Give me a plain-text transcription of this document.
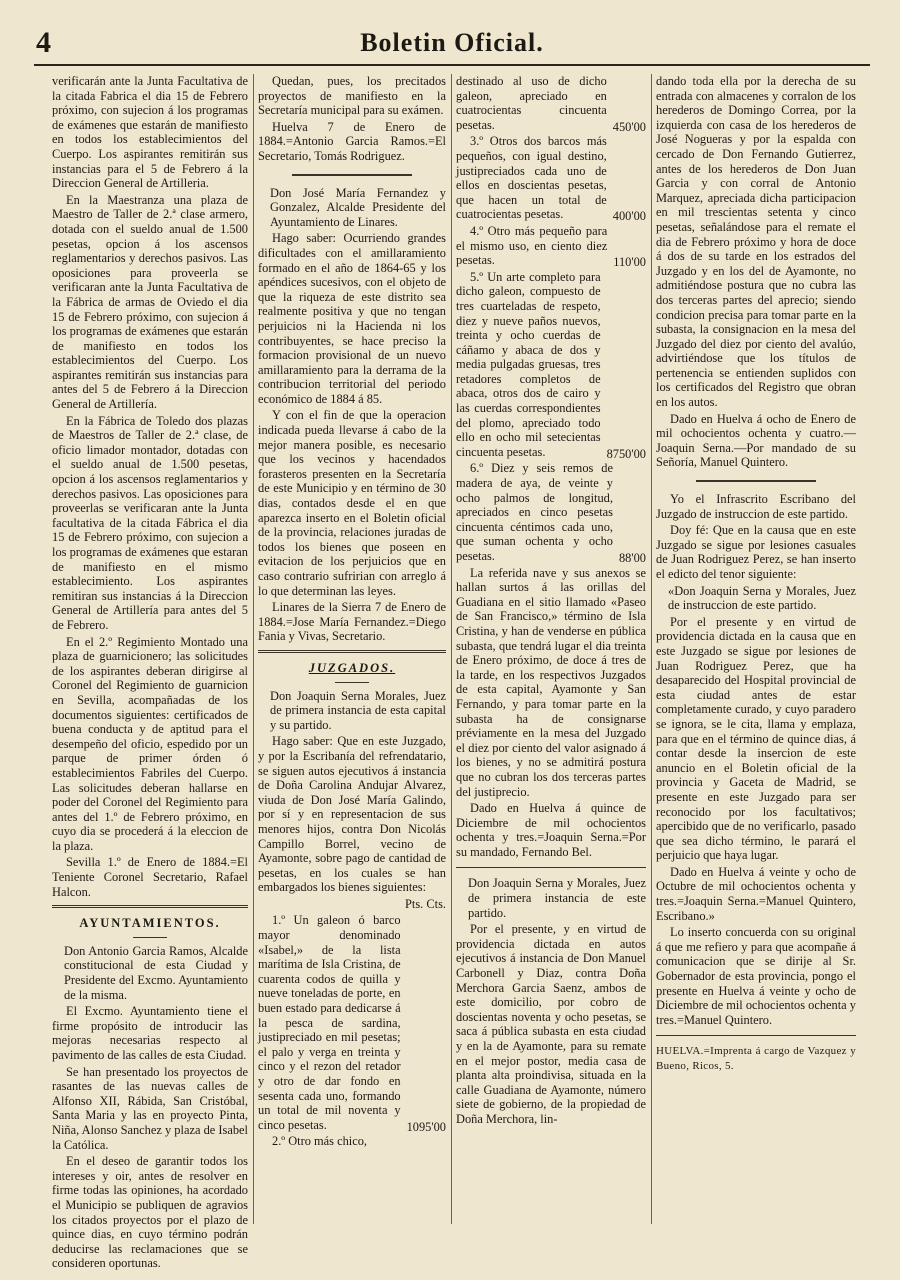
4	Boletin Oficial.

verificarán ante la Junta Facultativa de la citada Fabrica el dia 15 de Febrero próximo, con sujecion á los programas de exámenes que estarán de manifiesto en todos los establecimientos del Cuerpo. Los aspirantes remitirán sus instancias para el 5 de Febrero á la Direccion General de Artilleria.

En la Maestranza una plaza de Maestro de Taller de 2.ª clase armero, dotada con el sueldo anual de 1.500 pesetas, opcion á los ascensos reglamentarios y derechos pasivos. Las oposiciones para proveerla se verificaran ante la Junta Facultativa de la Fábrica de armas de Oviedo el dia 15 de Febrero próximo, con sujecion á los programas de exámenes que estarán de manifiesto en todos los establecimientos del Cuerpo. Los aspirantes remitirán sus instancias para antes del 5 de Febrero á la Direccion General de Artillería.

En la Fábrica de Toledo dos plazas de Maestros de Taller de 2.ª clase, de oficio limador montador, dotadas con el sueldo anual de 1.500 pesetas, opcion á los ascensos reglamentarios y derechos pasivos. Las oposiciones para proveerlas se verificaran ante la Junta facultativa de la citada Fábrica el dia 15 de Febrero próximo, con sujecion a los programas de exámenes que estaran de manifiesto en el mismo establecimiento. Los aspirantes remitiran sus instancias á la Direccion General de Artillería para antes del 5 de Febrero.

En el 2.º Regimiento Montado una plaza de guarnicionero; las solicitudes de los aspirantes deberan dirigirse al Coronel del Regimiento de guarnicion en Sevilla, acompañadas de los documentos siguientes: certificados de buena conducta y de aptitud para el desempeño del oficio, espedido por un parque de primer órden ó establecimientos Fabriles del Cuerpo. Las solicitudes deberan hallarse en poder del Coronel del Regimiento para antes del 1.º de Febrero próximo, en cuyo dia se procederá á la eleccion de la plaza.

Sevilla 1.º de Enero de 1884.=El Teniente Coronel Secretario, Rafael Halcon.

AYUNTAMIENTOS.

Don Antonio Garcia Ramos, Alcalde constitucional de esta Ciudad y Presidente del Excmo. Ayuntamiento de la misma.

El Excmo. Ayuntamiento tiene el firme propósito de introducir las mejoras necesarias respecto al pavimento de las calles de esta Ciudad.

Se han presentado los proyectos de rasantes de las nuevas calles de Alfonso XII, Rábida, San Cristóbal, Santa Maria y las en proyecto Pinta, Niña, Alonso Sanchez y plaza de Isabel la Católica.

En el deseo de garantir todos los intereses y oir, antes de resolver en firme todas las opiniones, ha acordado el Municipio se publiquen de agravios los citados proyectos por el plazo de quince dias, en cuyo término podrán deducirse las reclamaciones que se consideren oportunas.

Quedan, pues, los precitados proyectos de manifiesto en la Secretaría municipal para su exámen.

Huelva 7 de Enero de 1884.=Antonio Garcia Ramos.=El Secretario, Tomás Rodriguez.

Don José María Fernandez y Gonzalez, Alcalde Presidente del Ayuntamiento de Linares.

Hago saber: Ocurriendo grandes dificultades con el amillaramiento formado en el año de 1864-65 y los apéndices sucesivos, con el objeto de que la riqueza de este distrito sea realmente positiva y que no tengan perjuicios ni la Hacienda ni los contribuyentes, se hace preciso la formacion provisional de un nuevo amillaramiento para la derrama de la contribucion territorial del periodo económico de 1884 á 85.

Y con el fin de que la operacion indicada pueda llevarse á cabo de la mejor manera posible, es necesario que los vecinos y hacendados forasteros presenten en la Secretaría de este Municipio y en término de 30 dias, contados desde el en que aparezca inserto en el Boletin oficial de la provincia, relaciones juradas de todos los bienes que poseen en evitacion de los perjuicios que en caso contrario sufririan con arreglo á lo que determinan las leyes.

Linares de la Sierra 7 de Enero de 1884.=Jose María Fernandez.=Diego Fania y Vivas, Secretario.

JUZGADOS.

Don Joaquin Serna Morales, Juez de primera instancia de esta capital y su partido.

Hago saber: Que en este Juzgado, y por la Escribanía del refrendatario, se siguen autos ejecutivos á instancia de Doña Carolina Andujar Alvarez, viuda de Don José María Galindo, por sí y en representacion de sus menores hijos, contra Don Nicolás Campillo Borrel, vecino de Ayamonte, sobre pago de cantidad de pesetas, en los cuales se han embargados los bienes siguientes:

Pts. Cts.

1.º Un galeon ó barco mayor denominado «Isabel,» de la lista marítima de Isla Cristina, de cuarenta codos de quilla y nueve toneladas de porte, en buen estado para dedicarse á la pesca de sardina, justipreciado en mil pesetas; el palo y verga en treinta y cinco y el rezon del retador y otro de dar fondo en sesenta cada uno, formando un total de mil noventa y cinco pesetas.	1095'00

2.º Otro más chico,

destinado al uso de dicho galeon, apreciado en cuatrocientas cincuenta pesetas.	450'00

3.º Otros dos barcos más pequeños, con igual destino, justipreciados cada uno de ellos en doscientas pesetas, que hacen un total de cuatrocientas pesetas.	400'00

4.º Otro más pequeño para el mismo uso, en ciento diez pesetas.	110'00

5.º Un arte completo para dicho galeon, compuesto de tres cuarteladas de respeto, diez y nueve paños nuevos, treinta y ocho cuerdas de cáñamo y abaca de dos y media pulgadas gruesas, tres retadores completos de abaca, otros dos de cairo y las cuerdas correspondientes del plomo, apreciado todo ello en ocho mil setecientas cincuenta pesetas.	8750'00

6.º Diez y seis remos de madera de aya, de veinte y ocho palmos de longitud, apreciados en cinco pesetas cincuenta céntimos cada uno, que suman ochenta y ocho pesetas.	88'00

La referida nave y sus anexos se hallan surtos á las orillas del Guadiana en el sitio llamado «Paseo de San Francisco,» término de Isla Cristina, y han de venderse en pública subasta, que tendrá lugar el dia treinta de Enero próximo, de doce á tres de la tarde, en los respectivos Juzgados de esta capital, Ayamonte y San Fernando, y para tomar parte en la subasta ha de consignarse préviamente en la mesa del Juzgado el diez por ciento del valor asignado á los bienes, y no se admitirá postura que no cubran los dos terceras partes del justiprecio.

Dado en Huelva á quince de Diciembre de mil ochocientos ochenta y tres.=Joaquin Serna.=Por su mandado, Fernando Bel.

Don Joaquin Serna y Morales, Juez de primera instancia de este partido.

Por el presente, y en virtud de providencia dictada en autos ejecutivos á instancia de Don Manuel Carbonell y Diaz, contra Doña Merchora Garcia Saenz, ambos de este domicilio, por cobro de doscientas noventa y ocho pesetas, se saca á pública subasta en esta ciudad y en la de Ayamonte, para su remate en el mejor postor, media casa de planta alta proindivisa, situada en la calle Guadiana de Ayamonte, número siete de gobierno, de la propiedad de Doña Merchora, lin-

dando toda ella por la derecha de su entrada con almacenes y corralon de los herederos de Domingo Correa, por la izquierda con casa de los herederos de José Nogueras y por la espalda con cercado de Don Fernando Gutierrez, antes de los herederos de Don Juan Garcia y con corral de Antonio Marquez, apreciada dicha participacion en mil trescientas setenta y cinco pesetas, señalándose para el remate el dia de Febrero próximo y hora de doce á dos de su tarde en los estrados del Juzgado y en los del de Ayamonte, no admitiéndose postura que no cubra las dos terceras partes del aprecio; siendo condicion precisa para tomar parte en la subasta, la consignacion en la mesa del Juzgado del diez por ciento del avalúo, advirtiéndose que los títulos de pertenencia se entienden suplidos con los certificados del Registro que obran en los autos.

Dado en Huelva á ocho de Enero de mil ochocientos ochenta y cuatro.—Joaquin Serna.—Por mandado de su Señoría, Manuel Quintero.

Yo el Infrascrito Escribano del Juzgado de instruccion de este partido.

Doy fé: Que en la causa que en este Juzgado se sigue por lesiones casuales de Juan Rodriguez Perez, se han inserto el edicto del tenor siguiente:

«Don Joaquin Serna y Morales, Juez de instruccion de este partido.

Por el presente y en virtud de providencia dictada en la causa que en este Juzgado se sigue por lesiones de Juan Rodriguez Perez, que ha desaparecido del Hospital provincial de esta ciudad antes de estar completamente curado, y cuyo paradero se ignora, se le cita, llama y emplaza, para que en el término de quince dias, á contar desde la insercion de este anuncio en el Boletin oficial de la provincia y Gaceta de Madrid, se presente en este Juzgado para ser reconocido por los facultativos; apercibido que de no verificarlo, pasado que sea dicho término, le parará el perjuicio que haya lugar.

Dado en Huelva á veinte y ocho de Octubre de mil ochocientos ochenta y tres.=Joaquin Serna.=Manuel Quintero, Escribano.»

Lo inserto concuerda con su original á que me refiero y para que acompañe á comunicacion que se dirije al Sr. Gobernador de esta provincia, pongo el presente en Huelva á veinte y ocho de Diciembre de mil ochocientos ochenta y tres.=Manuel Quintero.

HUELVA.=Imprenta á cargo de Vazquez y Bueno, Ricos, 5.
